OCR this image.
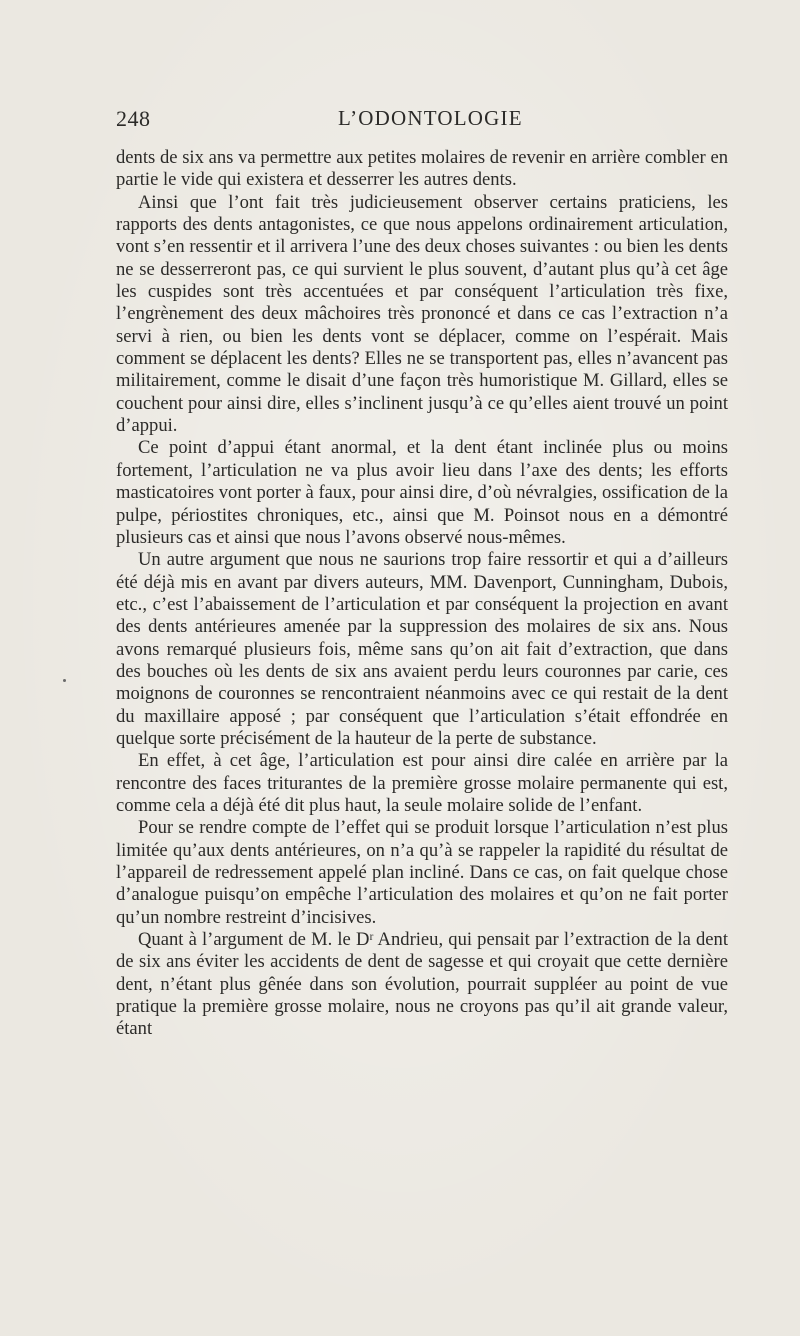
248	L’ODONTOLOGIE

dents de six ans va permettre aux petites molaires de revenir en arrière combler en partie le vide qui existera et desserrer les autres dents.

Ainsi que l’ont fait très judicieusement observer certains praticiens, les rapports des dents antagonistes, ce que nous appelons ordinairement articulation, vont s’en ressentir et il arrivera l’une des deux choses suivantes : ou bien les dents ne se desserreront pas, ce qui survient le plus souvent, d’autant plus qu’à cet âge les cuspides sont très accentuées et par conséquent l’articulation très fixe, l’engrènement des deux mâchoires très prononcé et dans ce cas l’extraction n’a servi à rien, ou bien les dents vont se déplacer, comme on l’espérait. Mais comment se déplacent les dents? Elles ne se transportent pas, elles n’avancent pas militairement, comme le disait d’une façon très humoristique M. Gillard, elles se couchent pour ainsi dire, elles s’inclinent jusqu’à ce qu’elles aient trouvé un point d’appui.

Ce point d’appui étant anormal, et la dent étant inclinée plus ou moins fortement, l’articulation ne va plus avoir lieu dans l’axe des dents; les efforts masticatoires vont porter à faux, pour ainsi dire, d’où névralgies, ossification de la pulpe, périostites chroniques, etc., ainsi que M. Poinsot nous en a démontré plusieurs cas et ainsi que nous l’avons observé nous-mêmes.

Un autre argument que nous ne saurions trop faire ressortir et qui a d’ailleurs été déjà mis en avant par divers auteurs, MM. Davenport, Cunningham, Dubois, etc., c’est l’abaissement de l’articulation et par conséquent la projection en avant des dents antérieures amenée par la suppression des molaires de six ans. Nous avons remarqué plusieurs fois, même sans qu’on ait fait d’extraction, que dans des bouches où les dents de six ans avaient perdu leurs couronnes par carie, ces moignons de couronnes se rencontraient néanmoins avec ce qui restait de la dent du maxillaire apposé ; par conséquent que l’articulation s’était effondrée en quelque sorte précisément de la hauteur de la perte de substance.

En effet, à cet âge, l’articulation est pour ainsi dire calée en arrière par la rencontre des faces triturantes de la première grosse molaire permanente qui est, comme cela a déjà été dit plus haut, la seule molaire solide de l’enfant.

Pour se rendre compte de l’effet qui se produit lorsque l’articulation n’est plus limitée qu’aux dents antérieures, on n’a qu’à se rappeler la rapidité du résultat de l’appareil de redressement appelé plan incliné. Dans ce cas, on fait quelque chose d’analogue puisqu’on empêche l’articulation des molaires et qu’on ne fait porter qu’un nombre restreint d’incisives.

Quant à l’argument de M. le Dʳ Andrieu, qui pensait par l’extraction de la dent de six ans éviter les accidents de dent de sagesse et qui croyait que cette dernière dent, n’étant plus gênée dans son évolution, pourrait suppléer au point de vue pratique la première grosse molaire, nous ne croyons pas qu’il ait grande valeur, étant
